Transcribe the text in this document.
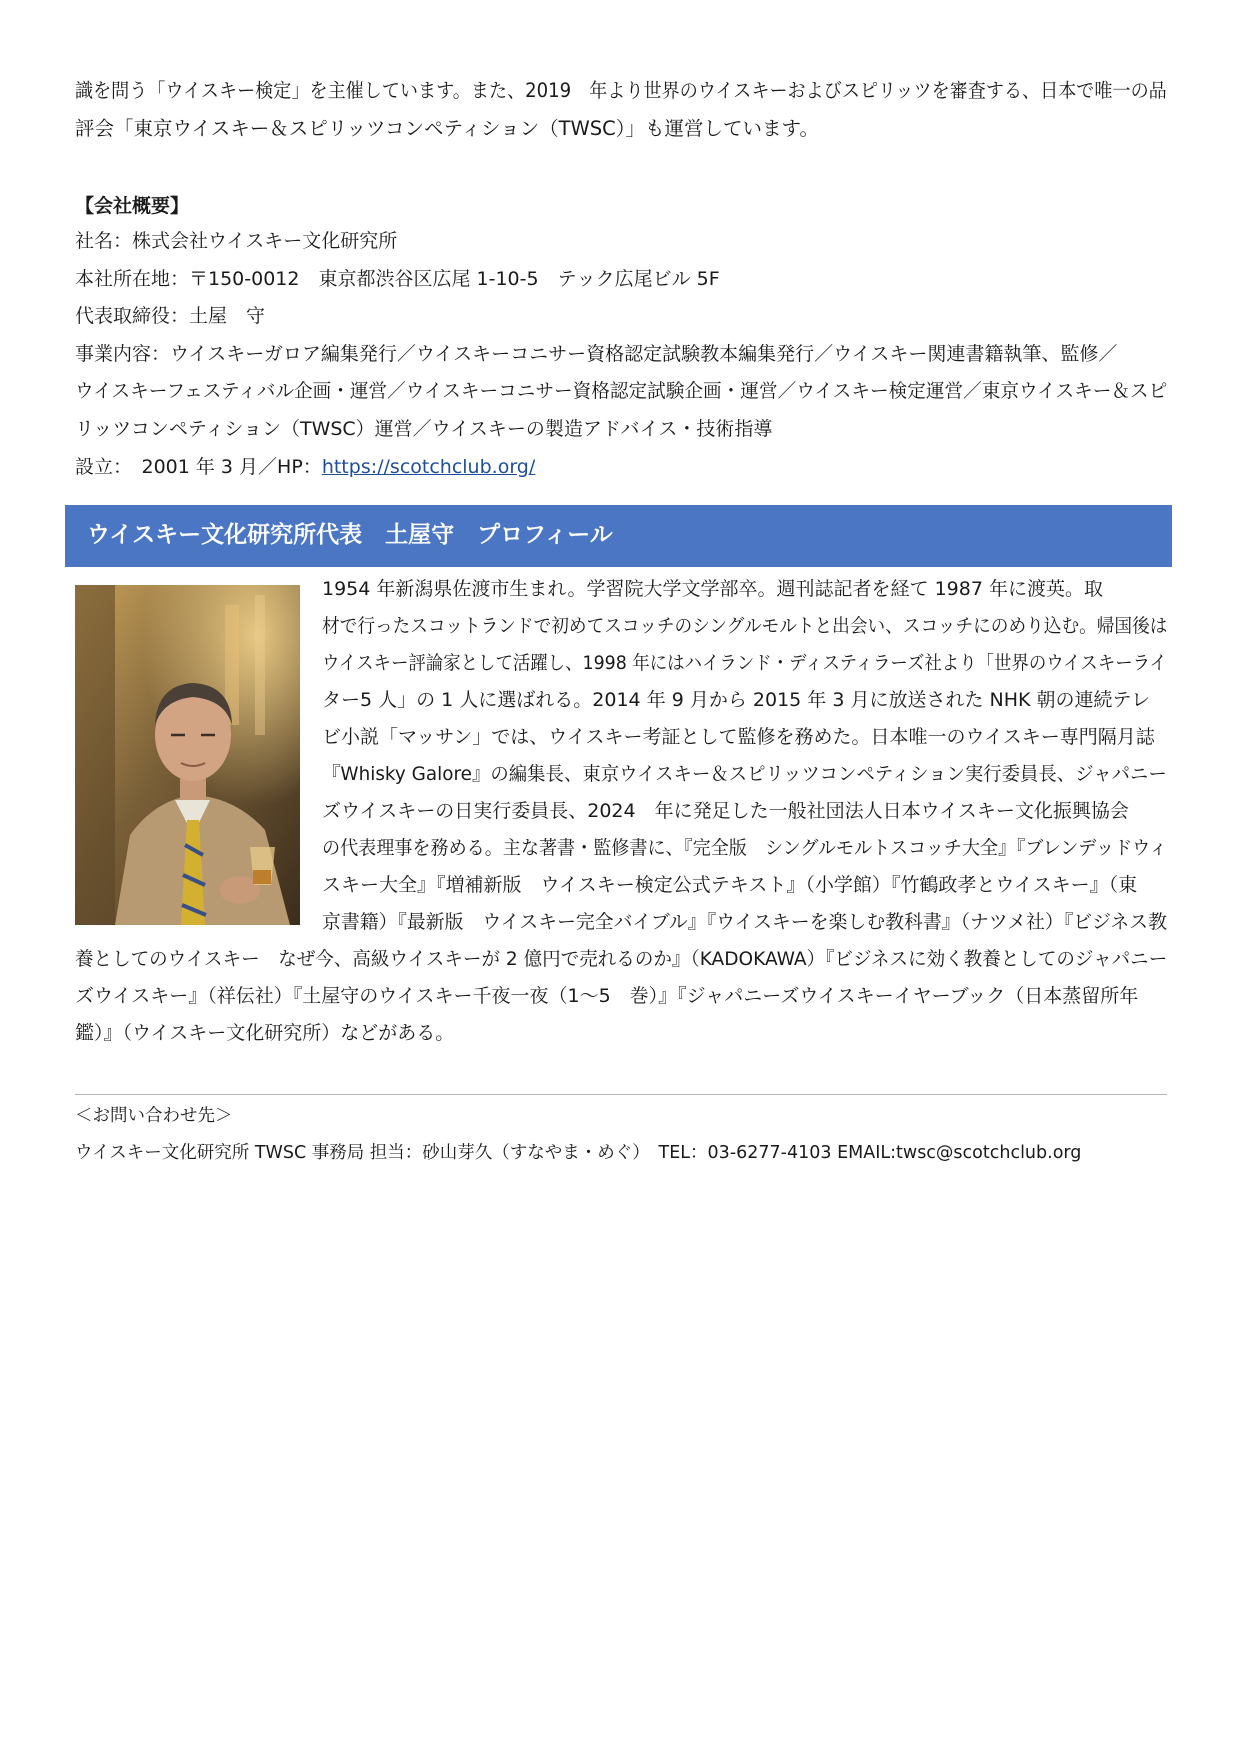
識を問う「ウイスキー検定」を主催しています。また、2019　年より世界のウイスキーおよびスピリッツを審査する、日本で唯一の品
評会「東京ウイスキー＆スピリッツコンペティション（TWSC）」も運営しています。
【会社概要】
社名：株式会社ウイスキー文化研究所
本社所在地：〒150-0012　東京都渋谷区広尾 1-10-5　テック広尾ビル 5F
代表取締役：土屋　守
事業内容：ウイスキーガロア編集発行／ウイスキーコニサー資格認定試験教本編集発行／ウイスキー関連書籍執筆、監修／
ウイスキーフェスティバル企画・運営／ウイスキーコニサー資格認定試験企画・運営／ウイスキー検定運営／東京ウイスキー＆スピ
リッツコンペティション（TWSC）運営／ウイスキーの製造アドバイス・技術指導
設立：　2001 年 3 月／HP：https://scotchclub.org/
ウイスキー文化研究所代表　土屋守　プロフィール
1954 年新潟県佐渡市生まれ。学習院大学文学部卒。週刊誌記者を経て 1987 年に渡英。取
材で行ったスコットランドで初めてスコッチのシングルモルトと出会い、スコッチにのめり込む。帰国後は
ウイスキー評論家として活躍し、1998 年にはハイランド・ディスティラーズ社より「世界のウイスキーライ
ター5 人」の 1 人に選ばれる。2014 年 9 月から 2015 年 3 月に放送された NHK 朝の連続テレ
ビ小説「マッサン」では、ウイスキー考証として監修を務めた。日本唯一のウイスキー専門隔月誌
『Whisky Galore』の編集長、東京ウイスキー＆スピリッツコンペティション実行委員長、ジャパニー
ズウイスキーの日実行委員長、2024　年に発足した一般社団法人日本ウイスキー文化振興協会
の代表理事を務める。主な著書・監修書に、『完全版　シングルモルトスコッチ大全』『ブレンデッドウィ
スキー大全』『増補新版　ウイスキー検定公式テキスト』（小学館）『竹鶴政孝とウイスキー』（東
京書籍）『最新版　ウイスキー完全バイブル』『ウイスキーを楽しむ教科書』（ナツメ社）『ビジネス教
養としてのウイスキー　なぜ今、高級ウイスキーが 2 億円で売れるのか』（KADOKAWA）『ビジネスに効く教養としてのジャパニー
ズウイスキー』（祥伝社）『土屋守のウイスキー千夜一夜（1～5　巻）』『ジャパニーズウイスキーイヤーブック（日本蒸留所年
鑑）』（ウイスキー文化研究所）などがある。
＜お問い合わせ先＞
ウイスキー文化研究所 TWSC 事務局 担当：砂山芽久（すなやま・めぐ）　TEL：03-6277-4103 EMAIL:twsc@scotchclub.org
